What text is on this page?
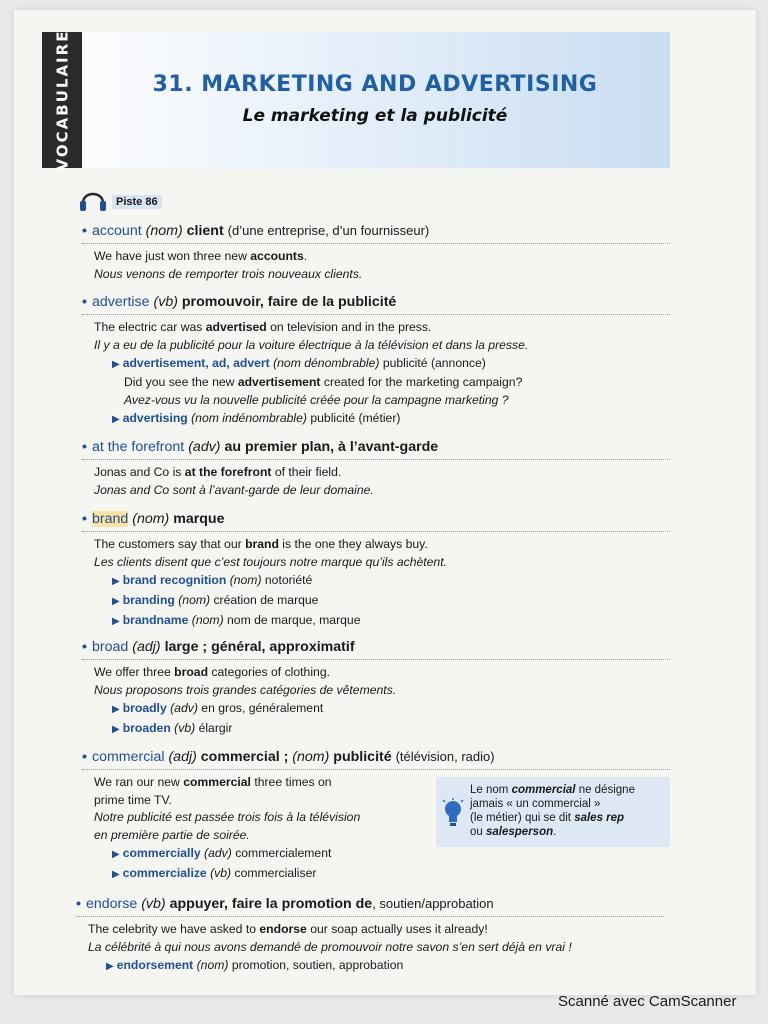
VOCABULAIRE	31. MARKETING AND ADVERTISING
Le marketing et la publicité
Piste 86
• account (nom) client (d’une entreprise, d’un fournisseur)
We have just won three new accounts.
Nous venons de remporter trois nouveaux clients.
• advertise (vb) promouvoir, faire de la publicité
The electric car was advertised on television and in the press.
Il y a eu de la publicité pour la voiture électrique à la télévision et dans la presse.
▶ advertisement, ad, advert (nom dénombrable) publicité (annonce)
Did you see the new advertisement created for the marketing campaign?
Avez-vous vu la nouvelle publicité créée pour la campagne marketing ?
▶ advertising (nom indénombrable) publicité (métier)
• at the forefront (adv) au premier plan, à l’avant-garde
Jonas and Co is at the forefront of their field.
Jonas and Co sont à l’avant-garde de leur domaine.
• brand (nom) marque
The customers say that our brand is the one they always buy.
Les clients disent que c’est toujours notre marque qu’ils achètent.
▶ brand recognition (nom) notoriété
▶ branding (nom) création de marque
▶ brandname (nom) nom de marque, marque
• broad (adj) large ; général, approximatif
We offer three broad categories of clothing.
Nous proposons trois grandes catégories de vêtements.
▶ broadly (adv) en gros, généralement
▶ broaden (vb) élargir
• commercial (adj) commercial ; (nom) publicité (télévision, radio)
We ran our new commercial three times on
prime time TV.
Notre publicité est passée trois fois à la télévision
en première partie de soirée.
▶ commercially (adv) commercialement
▶ commercialize (vb) commercialiser
Le nom commercial ne désigne
jamais « un commercial »
(le métier) qui se dit sales rep
ou salesperson.
• endorse (vb) appuyer, faire la promotion de, soutien/approbation
The celebrity we have asked to endorse our soap actually uses it already!
La célébrité à qui nous avons demandé de promouvoir notre savon s’en sert déjà en vrai !
▶ endorsement (nom) promotion, soutien, approbation
Scanné avec CamScanner
